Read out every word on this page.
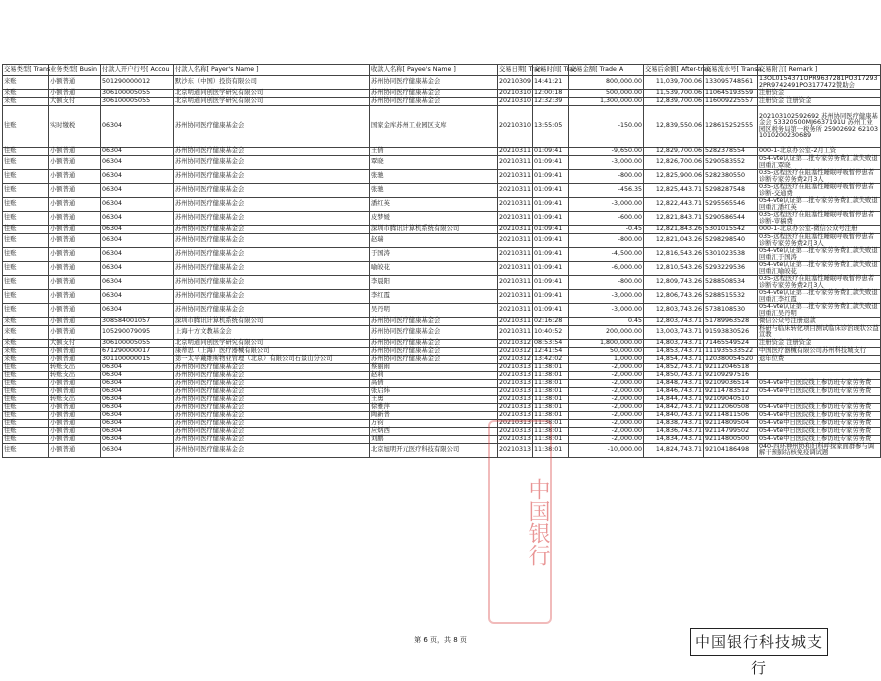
交易类型[ Trans	业务类型[ Busin	付款人开户行号[ Accou	付款人名称[ Payer's Name ]	收款人名称[ Payee's Name ]	交易日期[ Tran	交易时间[ Tran	交易金额[ Trade A	交易后余额[ After-tran	交易流水号[ Transa	交易附言[ Remark ]
来账	小额普通	501290000012	默沙东（中国）投资有限公司	苏州协同医疗健康基金会	20210309	14:41:21	800,000.00	11,039,700.06	133095748561	13OL0154371OPR9637281PO3172932PR9742491PO317747​2赞助会
来账	小额普通	306100005055	北京明道同创医学研究有限公司	苏州协同医疗健康基金会	20210310	12:00:18	500,000.00	11,539,700.06	110645193559	注册资金
来账	大额支付	306100005055	北京明道同创医学研究有限公司	苏州协同医疗健康基金会	20210310	12:32:39	1,300,000.00	12,839,700.06	116009225557	注册资金 注册资金
往账	实时缴税	06304	苏州协同医疗健康基金会	国家金库苏州工业园区支库	20210310	13:55:05	-150.00	12,839,550.06	128615252555	202103102592692 苏州协同医疗健康基金会 53320500MJ6637191U 苏州工业园区税务局第一税务所 25902692 621031010200230689
往账	小额普通	06304	苏州协同医疗健康基金会	王倩	20210311	01:09:41	-9,650.00	12,829,700.06	5282378554	000-1-北京办公室-2月工资
往账	小额普通	06304	苏州协同医疗健康基金会	覃晓	20210311	01:09:41	-3,000.00	12,826,700.06	5290583552	054-vte认证第二批专家劳务费汇款失败退回重汇覃晓
往账	小额普通	06304	苏州协同医疗健康基金会	张驰	20210311	01:09:41	-800.00	12,825,900.06	5282380550	035-远程医疗在阻塞性睡眠呼吸暂停患者诊断专家劳务费2月3人
往账	小额普通	06304	苏州协同医疗健康基金会	张驰	20210311	01:09:41	-456.35	12,825,443.71	5298287548	035-远程医疗在阻塞性睡眠呼吸暂停患者诊断-交通费
往账	小额普通	06304	苏州协同医疗健康基金会	潘红英	20210311	01:09:41	-3,000.00	12,822,443.71	5295565546	054-vte认证第二批专家劳务费汇款失败退回重汇潘红英
往账	小额普通	06304	苏州协同医疗健康基金会	皮梦媛	20210311	01:09:41	-600.00	12,821,843.71	5290586544	035-远程医疗在阻塞性睡眠呼吸暂停患者诊断-审稿费
往账	小额普通	06304	苏州协同医疗健康基金会	深圳市腾讯计算机系统有限公司	20210311	01:09:41	-0.45	12,821,843.26	5301015542	000-1-北京办公室-微信公众号注册
往账	小额普通	06304	苏州协同医疗健康基金会	赵瑞	20210311	01:09:41	-800.00	12,821,043.26	5298298540	035-远程医疗在阻塞性睡眠呼吸暂停患者诊断专家劳务费2月3人
往账	小额普通	06304	苏州协同医疗健康基金会	于国涛	20210311	01:09:41	-4,500.00	12,816,543.26	5301023538	054-vte认证第二批专家劳务费汇款失败退回重汇于国涛
往账	小额普通	06304	苏州协同医疗健康基金会	喻皎花	20210311	01:09:41	-6,000.00	12,810,543.26	5293229536	054-vte认证第二批专家劳务费汇款失败退回重汇喻皎花
往账	小额普通	06304	苏州协同医疗健康基金会	李晨阳	20210311	01:09:41	-800.00	12,809,743.26	5288508534	035-远程医疗在阻塞性睡眠呼吸暂停患者诊断专家劳务费2月3人
往账	小额普通	06304	苏州协同医疗健康基金会	李红霞	20210311	01:09:41	-3,000.00	12,806,743.26	5288515532	054-vte认证第二批专家劳务费汇款失败退回重汇李红霞
往账	小额普通	06304	苏州协同医疗健康基金会	吴丹明	20210311	01:09:41	-3,000.00	12,803,743.26	5738108530	054-vte认证第二批专家劳务费汇款失败退回重汇吴丹明
来账	小额普通	308584001057	深圳市腾讯计算机系统有限公司	苏州协同医疗健康基金会	20210311	02:16:28	0.45	12,803,743.71	51789963528	微信公众号注册退款
来账	小额普通	105290079095	上海十方文教基金会	苏州协同医疗健康基金会	20210311	10:40:52	200,000.00	13,003,743.71	91593830526	科研与临床转化项目测试临床诊治现状公益宣教
来账	大额支付	306100005055	北京明道同创医学研究有限公司	苏州协同医疗健康基金会	20210312	08:53:54	1,800,000.00	14,803,743.71	71465549524	注册资金 注册资金
来账	小额普通	671290000017	康蒂思（上海）医疗器械有限公司	苏州协同医疗健康基金会	20210312	12:41:54	50,000.00	14,853,743.71	111935533522	中国医疗器械有限公司苏州科技城支行
来账	小额普通	301100000015	第一太平戴维斯物业管理（北京）有限公司石景山分公司	苏州协同医疗健康基金会	20210312	13:42:02	1,000.00	14,854,743.71	120380054520	退年位费
往账	转账支出	06304	苏州协同医疗健康基金会	蔡丽雨	20210313	11:38:01	-2,000.00	14,852,743.71	92112046518	
往账	转账支出	06304	苏州协同医疗健康基金会	赵莉	20210313	11:38:01	-2,000.00	14,850,743.71	92109297516	
往账	小额普通	06304	苏州协同医疗健康基金会	高倩	20210313	11:38:01	-2,000.00	14,848,743.71	92109036514	054-vte中日医院线上参访班专家劳务费
往账	小额普通	06304	苏州协同医疗健康基金会	张启炜	20210313	11:38:01	-2,000.00	14,846,743.71	92114783512	054-vte中日医院线上参访班专家劳务费
往账	转账支出	06304	苏州协同医疗健康基金会	王勇	20210313	11:38:01	-2,000.00	14,844,743.71	92109040510	
往账	小额普通	06304	苏州协同医疗健康基金会	徐雅萍	20210313	11:38:01	-2,000.00	14,842,743.71	92112060508	054-vte中日医院线上参访班专家劳务费
往账	小额普通	06304	苏州协同医疗健康基金会	陶新普	20210313	11:38:01	-2,000.00	14,840,743.71	92114811506	054-vte中日医院线上参访班专家劳务费
往账	小额普通	06304	苏州协同医疗健康基金会	万钧	20210313	11:38:01	-2,000.00	14,838,743.71	92114809504	054-vte中日医院线上参访班专家劳务费
往账	小额普通	06304	苏州协同医疗健康基金会	应炳西	20210313	11:38:01	-2,000.00	14,836,743.71	92114799502	054-vte中日医院线上参访班专家劳务费
往账	小额普通	06304	苏州协同医疗健康基金会	刘鹏	20210313	11:38:01	-2,000.00	14,834,743.71	92114800500	054-vte中日医院线上参访班专家劳务费
往账	小额普通	06304	苏州协同医疗健康基金会	北京旭明开元医疗科技有限公司	20210313	11:38:01	-10,000.00	14,824,743.71	92104186498	040-四环神州协和妇科呼探家面群参与调解干预肺结核免疫调试题
中国银行
第 6 页，共 8 页	中国银行科技城支行
